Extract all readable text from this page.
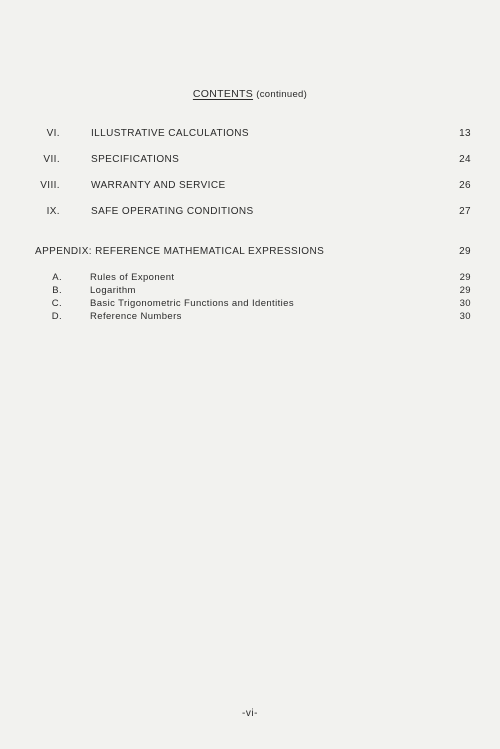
CONTENTS (continued)
VI.	ILLUSTRATIVE CALCULATIONS	13
VII.	SPECIFICATIONS	24
VIII.	WARRANTY AND SERVICE	26
IX.	SAFE OPERATING CONDITIONS	27
APPENDIX: REFERENCE MATHEMATICAL EXPRESSIONS	29
A.	Rules of Exponent	29
B.	Logarithm	29
C.	Basic Trigonometric Functions and Identities	30
D.	Reference Numbers	30
-vi-
